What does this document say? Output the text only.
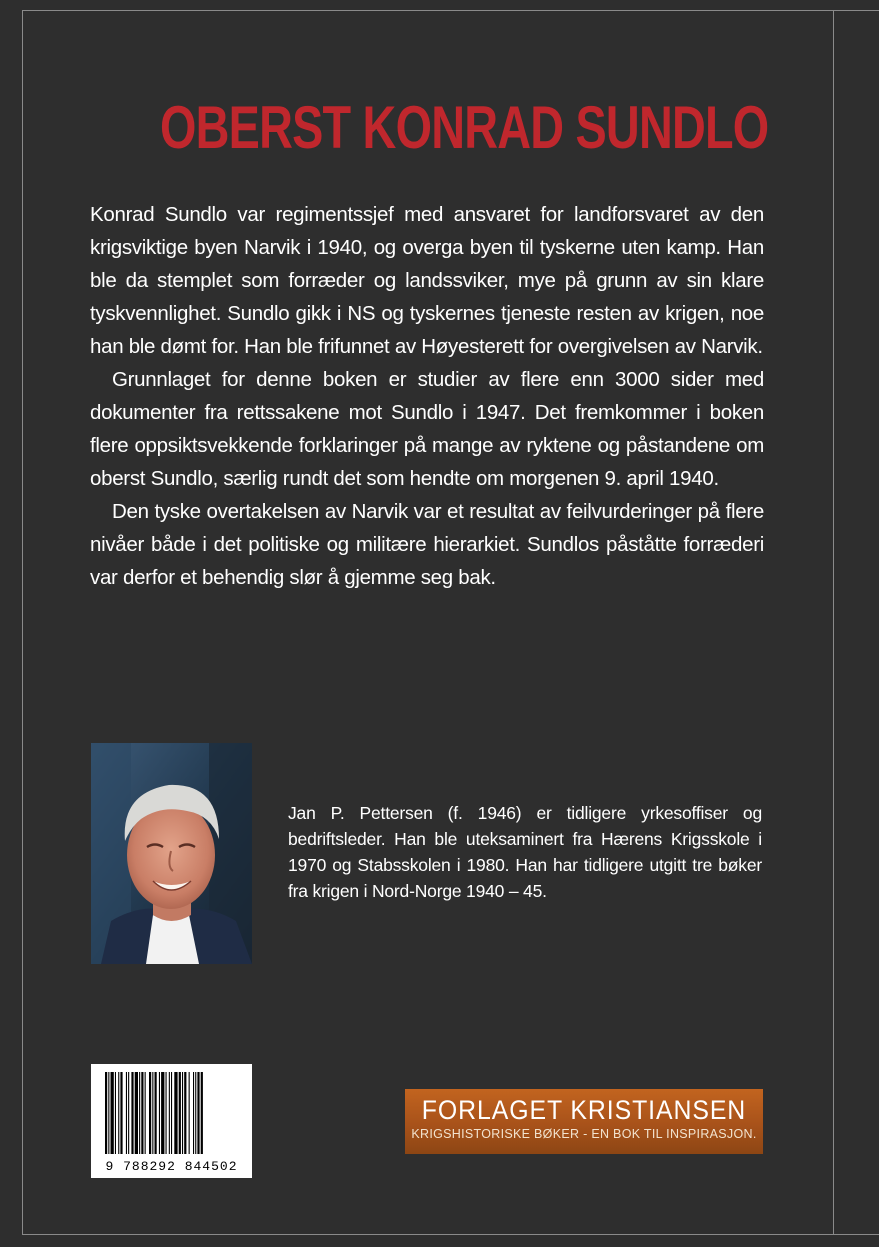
OBERST KONRAD SUNDLO

Konrad Sundlo var regimentssjef med ansvaret for landforsvaret av den krigsviktige byen Narvik i 1940, og overga byen til tyskerne uten kamp. Han ble da stemplet som forræder og landssviker, mye på grunn av sin klare tyskvennlighet. Sundlo gikk i NS og tyskernes tjeneste resten av krigen, noe han ble dømt for. Han ble frifunnet av Høyesterett for overgivelsen av Narvik.

Grunnlaget for denne boken er studier av flere enn 3000 sider med dokumenter fra rettssakene mot Sundlo i 1947. Det fremkommer i boken flere oppsiktsvekkende forklaringer på mange av ryktene og påstandene om oberst Sundlo, særlig rundt det som hendte om morgenen 9. april 1940.

Den tyske overtakelsen av Narvik var et resultat av feilvurderinger på flere nivåer både i det politiske og militære hierarkiet. Sundlos påståtte forræderi var derfor et behendig slør å gjemme seg bak.

Jan P. Pettersen (f. 1946) er tidligere yrkesoffiser og bedriftsleder. Han ble uteksaminert fra Hærens Krigsskole i 1970 og Stabsskolen i 1980. Han har tidligere utgitt tre bøker fra krigen i Nord-Norge 1940 – 45.
9 788292 844502
FORLAGET KRISTIANSEN
KRIGSHISTORISKE BØKER - EN BOK TIL INSPIRASJON.
